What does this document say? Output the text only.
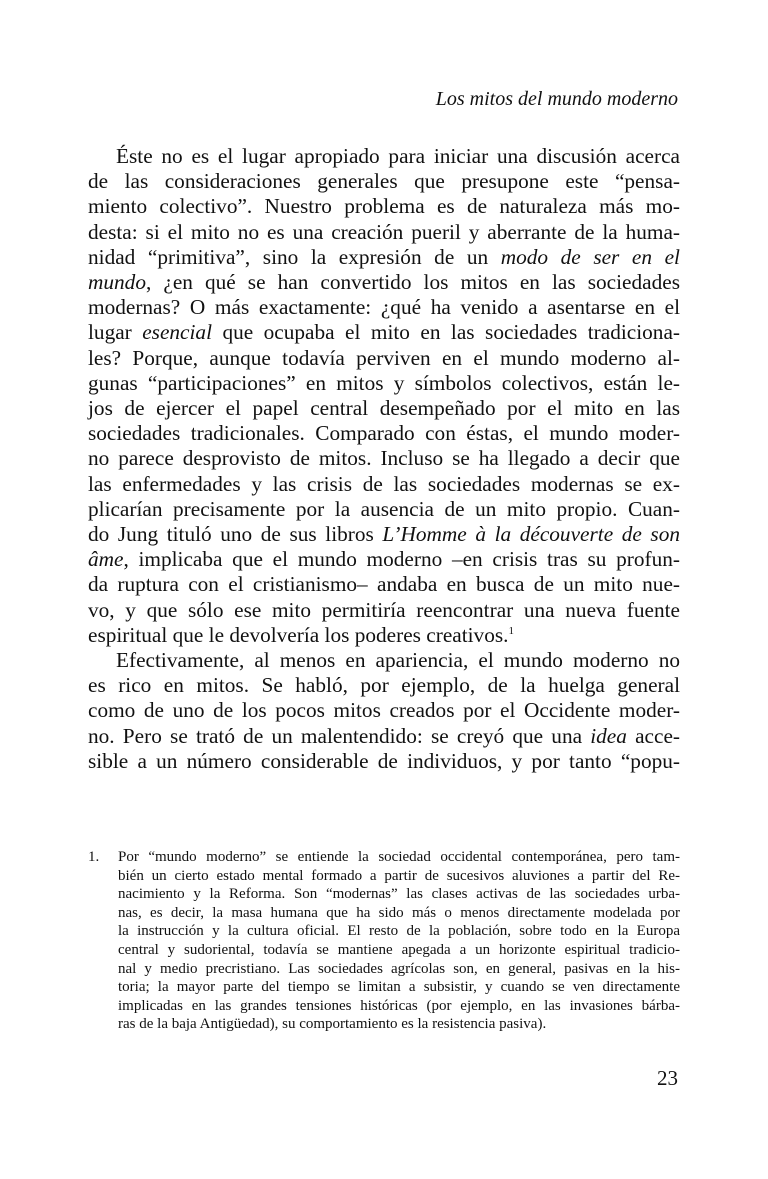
Los mitos del mundo moderno
Éste no es el lugar apropiado para iniciar una discusión acerca
de las consideraciones generales que presupone este “pensa-
miento colectivo”. Nuestro problema es de naturaleza más mo-
desta: si el mito no es una creación pueril y aberrante de la huma-
nidad “primitiva”, sino la expresión de un modo de ser en el
mundo, ¿en qué se han convertido los mitos en las sociedades
modernas? O más exactamente: ¿qué ha venido a asentarse en el
lugar esencial que ocupaba el mito en las sociedades tradiciona-
les? Porque, aunque todavía perviven en el mundo moderno al-
gunas “participaciones” en mitos y símbolos colectivos, están le-
jos de ejercer el papel central desempeñado por el mito en las
sociedades tradicionales. Comparado con éstas, el mundo moder-
no parece desprovisto de mitos. Incluso se ha llegado a decir que
las enfermedades y las crisis de las sociedades modernas se ex-
plicarían precisamente por la ausencia de un mito propio. Cuan-
do Jung tituló uno de sus libros L’Homme à la découverte de son
âme, implicaba que el mundo moderno –en crisis tras su profun-
da ruptura con el cristianismo– andaba en busca de un mito nue-
vo, y que sólo ese mito permitiría reencontrar una nueva fuente
espiritual que le devolvería los poderes creativos.$^1$
Efectivamente, al menos en apariencia, el mundo moderno no
es rico en mitos. Se habló, por ejemplo, de la huelga general
como de uno de los pocos mitos creados por el Occidente moder-
no. Pero se trató de un malentendido: se creyó que una idea acce-
sible a un número considerable de individuos, y por tanto “popu-
1.	Por “mundo moderno” se entiende la sociedad occidental contemporánea, pero tam-
bién un cierto estado mental formado a partir de sucesivos aluviones a partir del Re-
nacimiento y la Reforma. Son “modernas” las clases activas de las sociedades urba-
nas, es decir, la masa humana que ha sido más o menos directamente modelada por
la instrucción y la cultura oficial. El resto de la población, sobre todo en la Europa
central y sudoriental, todavía se mantiene apegada a un horizonte espiritual tradicio-
nal y medio precristiano. Las sociedades agrícolas son, en general, pasivas en la his-
toria; la mayor parte del tiempo se limitan a subsistir, y cuando se ven directamente
implicadas en las grandes tensiones históricas (por ejemplo, en las invasiones bárba-
ras de la baja Antigüedad), su comportamiento es la resistencia pasiva).
23
